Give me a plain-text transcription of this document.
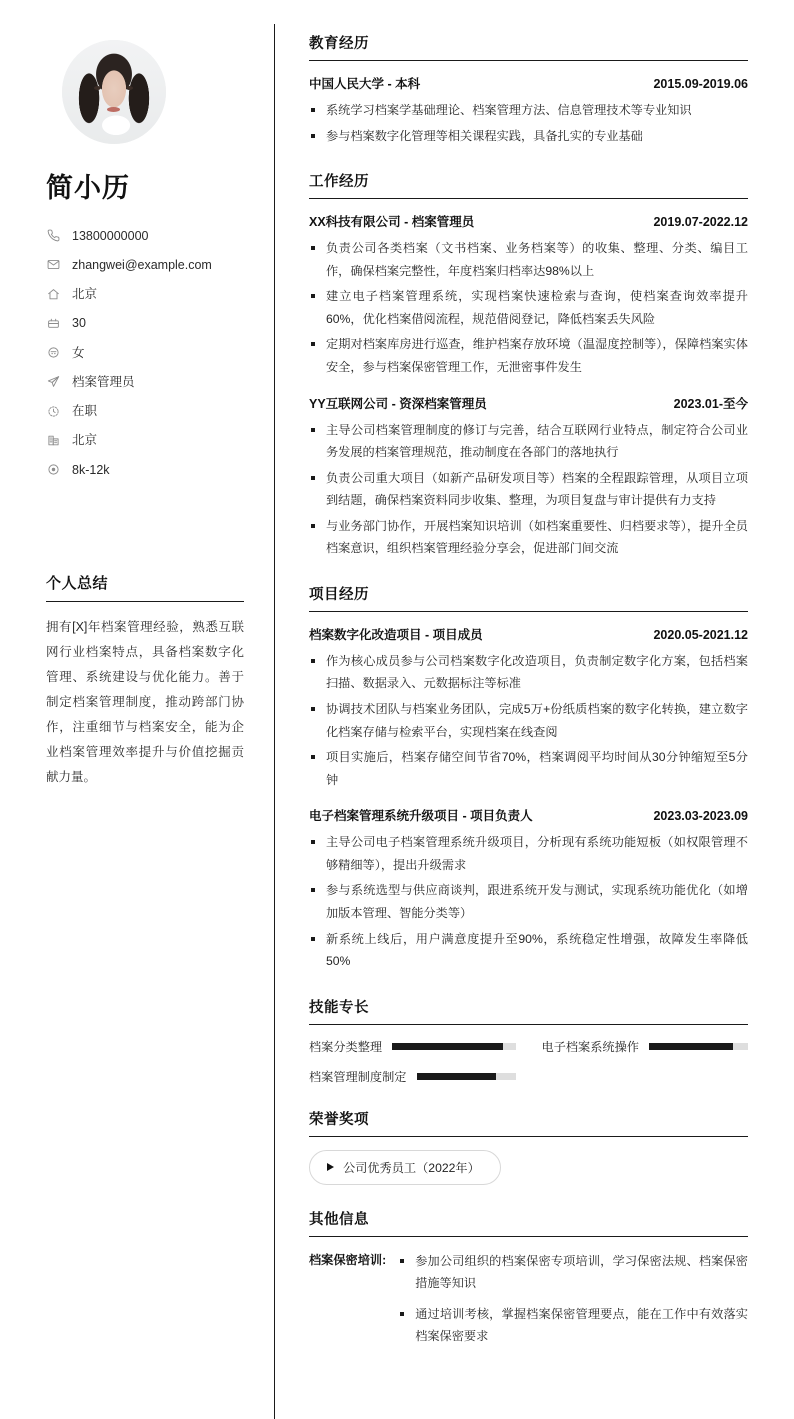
简小历
13800000000
zhangwei@example.com
北京
30
女
档案管理员
在职
北京
8k-12k
个人总结

拥有[X]年档案管理经验，熟悉互联网行业档案特点，具备档案数字化管理、系统建设与优化能力。善于制定档案管理制度，推动跨部门协作，注重细节与档案安全，能为企业档案管理效率提升与价值挖掘贡献力量。

教育经历
中国人民大学 - 本科	2015.09-2019.06
系统学习档案学基础理论、档案管理方法、信息管理技术等专业知识
参与档案数字化管理等相关课程实践，具备扎实的专业基础
工作经历
XX科技有限公司 - 档案管理员	2019.07-2022.12
负责公司各类档案（文书档案、业务档案等）的收集、整理、分类、编目工作，确保档案完整性，年度档案归档率达98%以上
建立电子档案管理系统，实现档案快速检索与查询，使档案查询效率提升60%，优化档案借阅流程，规范借阅登记，降低档案丢失风险
定期对档案库房进行巡查，维护档案存放环境（温湿度控制等），保障档案实体安全，参与档案保密管理工作，无泄密事件发生
YY互联网公司 - 资深档案管理员	2023.01-至今
主导公司档案管理制度的修订与完善，结合互联网行业特点，制定符合公司业务发展的档案管理规范，推动制度在各部门的落地执行
负责公司重大项目（如新产品研发项目等）档案的全程跟踪管理，从项目立项到结题，确保档案资料同步收集、整理，为项目复盘与审计提供有力支持
与业务部门协作，开展档案知识培训（如档案重要性、归档要求等），提升全员档案意识，组织档案管理经验分享会，促进部门间交流
项目经历
档案数字化改造项目 - 项目成员	2020.05-2021.12
作为核心成员参与公司档案数字化改造项目，负责制定数字化方案，包括档案扫描、数据录入、元数据标注等标准
协调技术团队与档案业务团队，完成5万+份纸质档案的数字化转换，建立数字化档案存储与检索平台，实现档案在线查阅
项目实施后，档案存储空间节省70%，档案调阅平均时间从30分钟缩短至5分钟
电子档案管理系统升级项目 - 项目负责人	2023.03-2023.09
主导公司电子档案管理系统升级项目，分析现有系统功能短板（如权限管理不够精细等），提出升级需求
参与系统选型与供应商谈判，跟进系统开发与测试，实现系统功能优化（如增加版本管理、智能分类等）
新系统上线后，用户满意度提升至90%，系统稳定性增强，故障发生率降低50%
技能专长
档案分类整理	电子档案系统操作
档案管理制度制定
荣誉奖项
公司优秀员工（2022年）
其他信息
档案保密培训:	参加公司组织的档案保密专项培训，学习保密法规、档案保密措施等知识
通过培训考核，掌握档案保密管理要点，能在工作中有效落实档案保密要求
